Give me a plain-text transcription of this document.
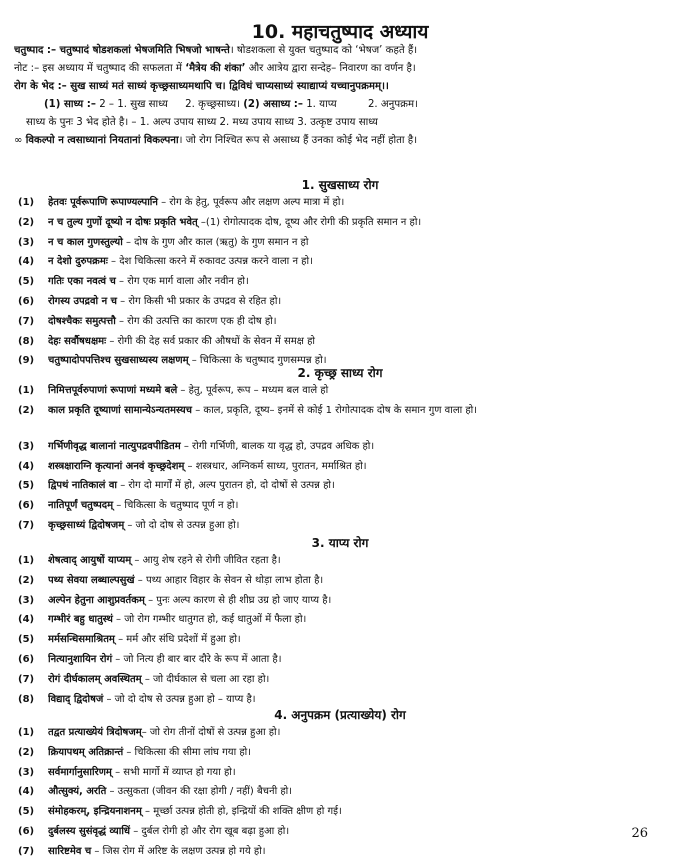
10. महाचतुष्पाद अध्याय
चतुष्पाद :– चतुष्पादं षोडशकलां भेषजमिति भिषजो भाषन्ते। षोडशकला से युक्त चतुष्पाद को ‘भेषज’ कहते हैं।
नोट :– इस अध्याय में चतुष्पाद की सफलता में ‘मैत्रेय की शंका’ और आत्रेय द्वारा सन्देह– निवारण का वर्णन है।
रोग के भेद :– सुख साध्यं मतं साध्यं कृच्छ्रसाध्यमथापि च। द्विविधं चाप्यसाध्यं स्याद्याप्यं यच्चानुपक्रमम्।।
(1) साध्य :– 2 – 1. सुख साध्य 2. कृच्छ्रसाध्य। (2) असाध्य :– 1. याप्य	2. अनुपक्रम।
साध्य के पुनः 3 भेद होते है। – 1. अल्प उपाय साध्य 2. मध्य उपाय साध्य 3. उत्कृष्ट उपाय साध्य
∞ विकल्पो न त्वसाध्यानां नियतानां विकल्पना। जो रोग निश्चित रूप से असाध्य हैं उनका कोई भेद नहीं होता है।
1. सुखसाध्य रोग
(1)	हेतवः पूर्वरूपाणि रूपाण्यल्पानि – रोग के हेतु, पूर्वरूप और लक्षण अल्प मात्रा में हो।
(2)	न च तुल्य गुणों दूष्यो न दोषः प्रकृति भवेत् –(1) रोगोत्पादक दोष, दूष्य और रोगी की प्रकृति समान न हो।
(3)	न च काल गुणस्तुल्यो – दोष के गुण और काल (ऋतु) के गुण समान न हो
(4)	न देशो दुरुपक्रमः – देश चिकित्सा करने में रुकावट उत्पन्न करने वाला न हो।
(5)	गतिः एका नवत्वं च – रोग एक मार्ग वाला और नवीन हो।
(6)	रोगस्य उपद्रवो न च – रोग किसी भी प्रकार के उपद्रव से रहित हो।
(7)	दोषश्चैकः समुत्पत्तौ – रोग की उत्पत्ति का कारण एक ही दोष हो।
(8)	देहः सर्वौषधक्षमः – रोगी की देह सर्व प्रकार की औषधों के सेवन में समक्ष हो
(9)	चतुष्पादोपपत्तिश्च सुखसाध्यस्य लक्षणम् – चिकित्सा के चतुष्पाद गुणसम्पन्न हो।
2. कृच्छ्र साध्य रोग
(1)	निमित्तपूर्वरुपाणां रूपाणां मध्यमे बले – हेतु, पूर्वरूप, रूप – मध्यम बल वाले हो
(2)	काल प्रकृति दूष्याणां सामान्येऽन्यतमस्यच – काल, प्रकृति, दूष्य– इनमें से कोई 1 रोगोत्पादक दोष के समान गुण वाला हो।
(3)	गर्भिणीवृद्ध बालानां नात्युपद्रवपीडितम – रोगी गर्भिणी, बालक या वृद्ध हो, उपद्रव अधिक हो।
(4)	शस्त्रक्षाराग्नि कृत्यानां अनवं कृच्छ्रदेशम् – शस्त्रधार, अग्निकर्म साध्य, पुरातन, मर्माश्रित हो।
(5)	द्विपथं नातिकालं वा – रोग दो मार्गों में हो, अल्प पुरातन हो, दो दोषों से उत्पन्न हो।
(6)	नातिपूर्णं चतुष्पदम् – चिकित्सा के चतुष्पाद पूर्ण न हो।
(7)	कृच्छ्रसाध्यं द्विदोषजम् – जो दो दोष से उत्पन्न हुआ हो।
3. याप्य रोग
(1)	शेषत्वाद् आयुषों याप्यम् – आयु शेष रहने से रोगी जीवित रहता है।
(2)	पथ्य सेवया लब्धाल्पसुखं – पथ्य आहार विहार के सेवन से थोड़ा लाभ होता है।
(3)	अल्पेन हेतुना आशुप्रवर्तकम् – पुनः अल्प कारण से ही शीघ्र उग्र हो जाए याप्य है।
(4)	गम्भीरं बहु धातुस्थं – जो रोग गम्भीर धातुगत हो, कई धातुओं में फैला हो।
(5)	मर्मसन्धिसमाश्रितम् – मर्म और संधि प्रदेशों में हुआ हो।
(6)	नित्यानुशायिन रोगं – जो नित्य ही बार बार दौरे के रूप में आता है।
(7)	रोगं दीर्घकालम् अवस्थितम् – जो दीर्घकाल से चला आ रहा हो।
(8)	विद्याद् द्विदोषजं – जो दो दोष से उत्पन्न हुआ हो – याप्य है।
4. अनुपक्रम (प्रत्याख्येय) रोग
(1)	तद्वत प्रत्याख्येयं त्रिदोषजम्– जो रोग तीनों दोषों से उत्पन्न हुआ हो।
(2)	क्रियापथम् अतिक्रान्तं – चिकित्सा की सीमा लांघ गया हो।
(3)	सर्वमार्गानुसारिणम् – सभी मार्गो में व्याप्त हो गया हो।
(4)	औत्सुक्यं, अरति – उत्सुकता (जीवन की रक्षा होगी / नहीं) बैचनी हो।
(5)	संमोहकरम्, इन्द्रियनाशनम् – मूर्च्छा उत्पन्न होती हो, इन्द्रियों की शक्ति क्षीण हो गई।
(6)	दुर्बलस्य सुसंवृद्धं व्याधिं – दुर्बल रोगी हो और रोग खूब बढ़ा हुआ हो।
(7)	सारिष्टमेव च – जिस रोग में अरिष्ट के लक्षण उत्पन्न हो गये हो।
26
